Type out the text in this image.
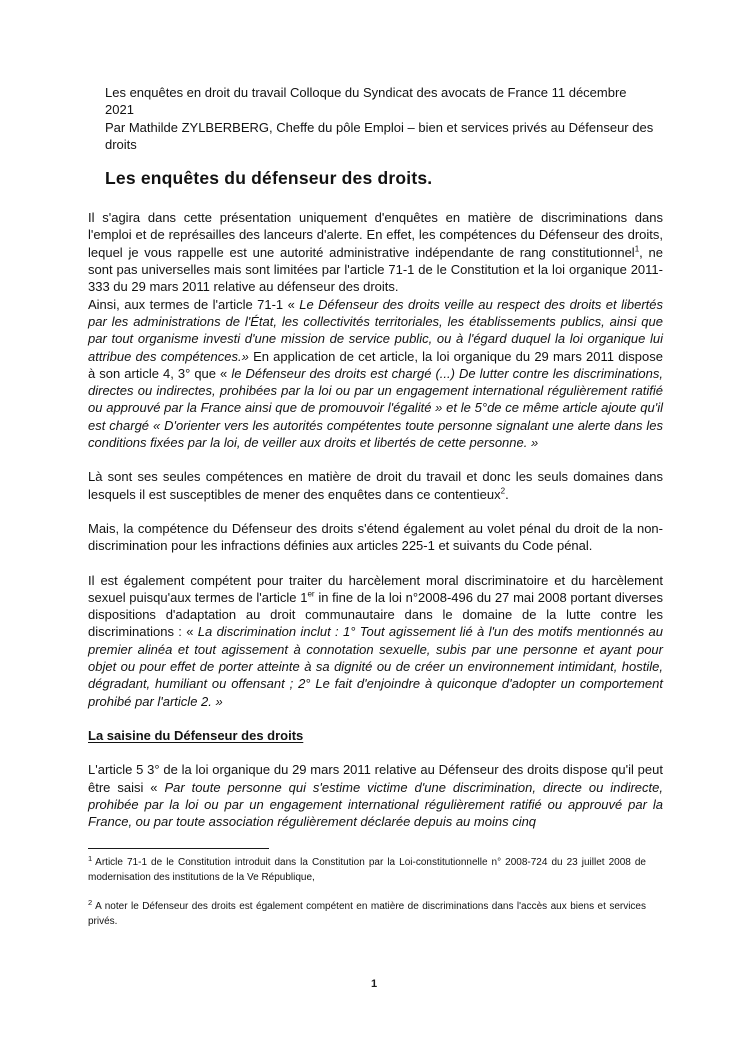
Les enquêtes en droit du travail Colloque du Syndicat des avocats de France 11 décembre 2021

Par Mathilde ZYLBERBERG, Cheffe du pôle Emploi – bien et services privés au Défenseur des droits

Les enquêtes du défenseur des droits.

Il s'agira dans cette présentation uniquement d'enquêtes en matière de discriminations dans l'emploi et de représailles des lanceurs d'alerte. En effet, les compétences du Défenseur des droits, lequel je vous rappelle est une autorité administrative indépendante de rang constitutionnel$^1$, ne sont pas universelles mais sont limitées par l'article 71-1 de le Constitution et la loi organique 2011-333 du 29 mars 2011 relative au défenseur des droits.

Ainsi, aux termes de l'article 71-1 « Le Défenseur des droits veille au respect des droits et libertés par les administrations de l'État, les collectivités territoriales, les établissements publics, ainsi que par tout organisme investi d'une mission de service public, ou à l'égard duquel la loi organique lui attribue des compétences.» En application de cet article, la loi organique du 29 mars 2011 dispose à son article 4, 3° que « le Défenseur des droits est chargé (...) De lutter contre les discriminations, directes ou indirectes, prohibées par la loi ou par un engagement international régulièrement ratifié ou approuvé par la France ainsi que de promouvoir l'égalité » et le 5°de ce même article ajoute qu'il est chargé « D'orienter vers les autorités compétentes toute personne signalant une alerte dans les conditions fixées par la loi, de veiller aux droits et libertés de cette personne. »

Là sont ses seules compétences en matière de droit du travail et donc les seuls domaines dans lesquels il est susceptibles de mener des enquêtes dans ce contentieux$^2$.

Mais, la compétence du Défenseur des droits s'étend également au volet pénal du droit de la non-discrimination pour les infractions définies aux articles 225-1 et suivants du Code pénal.

Il est également compétent pour traiter du harcèlement moral discriminatoire et du harcèlement sexuel puisqu'aux termes de l'article 1er in fine de la loi n°2008-496 du 27 mai 2008 portant diverses dispositions d'adaptation au droit communautaire dans le domaine de la lutte contre les discriminations : « La discrimination inclut : 1° Tout agissement lié à l'un des motifs mentionnés au premier alinéa et tout agissement à connotation sexuelle, subis par une personne et ayant pour objet ou pour effet de porter atteinte à sa dignité ou de créer un environnement intimidant, hostile, dégradant, humiliant ou offensant ; 2° Le fait d'enjoindre à quiconque d'adopter un comportement prohibé par l'article 2. »

La saisine du Défenseur des droits

L'article 5 3° de la loi organique du 29 mars 2011 relative au Défenseur des droits dispose qu'il peut être saisi « Par toute personne qui s'estime victime d'une discrimination, directe ou indirecte, prohibée par la loi ou par un engagement international régulièrement ratifié ou approuvé par la France, ou par toute association régulièrement déclarée depuis au moins cinq

$^1$ Article 71-1 de le Constitution introduit dans la Constitution par la Loi-constitutionnelle n° 2008-724 du 23 juillet 2008 de modernisation des institutions de la Ve République,

$^2$ A noter le Défenseur des droits est également compétent en matière de discriminations dans l'accès aux biens et services privés.

1
